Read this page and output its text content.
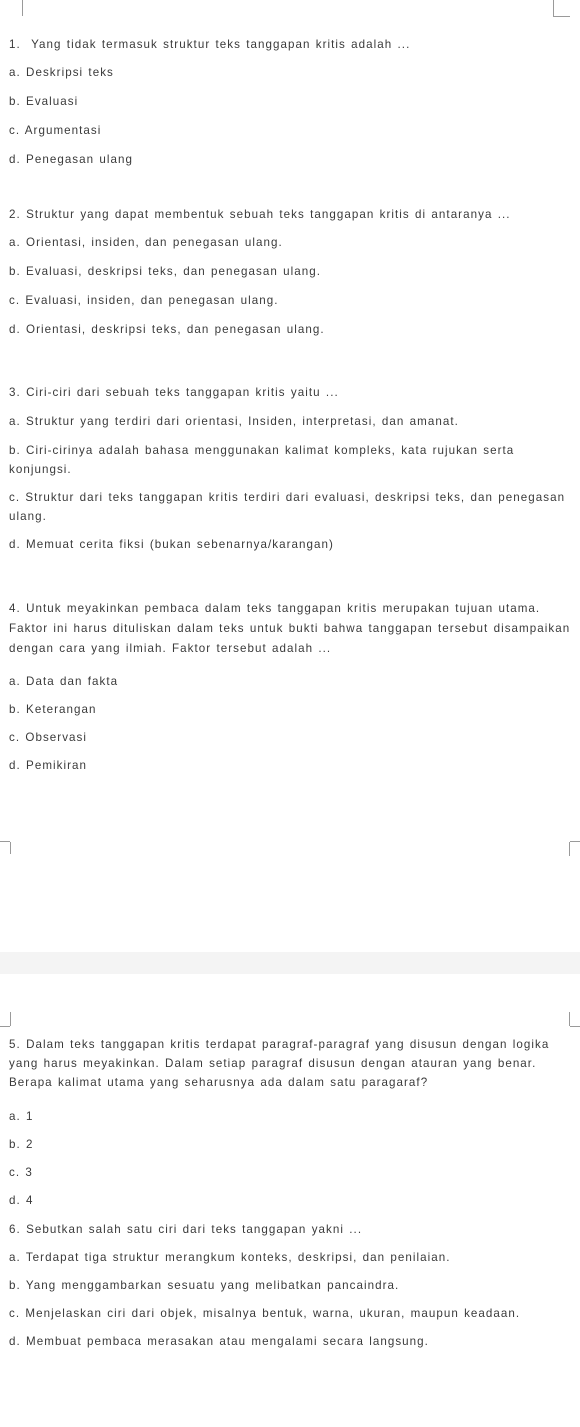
1. Yang tidak termasuk struktur teks tanggapan kritis adalah ...

a. Deskripsi teks

b. Evaluasi

c. Argumentasi

d. Penegasan ulang

2. Struktur yang dapat membentuk sebuah teks tanggapan kritis di antaranya ...

a. Orientasi, insiden, dan penegasan ulang.

b. Evaluasi, deskripsi teks, dan penegasan ulang.

c. Evaluasi, insiden, dan penegasan ulang.

d. Orientasi, deskripsi teks, dan penegasan ulang.

3. Ciri-ciri dari sebuah teks tanggapan kritis yaitu ...

a. Struktur yang terdiri dari orientasi, Insiden, interpretasi, dan amanat.

b. Ciri-cirinya adalah bahasa menggunakan kalimat kompleks, kata rujukan serta konjungsi.

c. Struktur dari teks tanggapan kritis terdiri dari evaluasi, deskripsi teks, dan penegasan ulang.

d. Memuat cerita fiksi (bukan sebenarnya/karangan)

4. Untuk meyakinkan pembaca dalam teks tanggapan kritis merupakan tujuan utama. Faktor ini harus dituliskan dalam teks untuk bukti bahwa tanggapan tersebut disampaikan dengan cara yang ilmiah. Faktor tersebut adalah ...

a. Data dan fakta

b. Keterangan

c. Observasi

d. Pemikiran

5. Dalam teks tanggapan kritis terdapat paragraf-paragraf yang disusun dengan logika yang harus meyakinkan. Dalam setiap paragraf disusun dengan atauran yang benar. Berapa kalimat utama yang seharusnya ada dalam satu paragaraf?

a. 1

b. 2

c. 3

d. 4

6. Sebutkan salah satu ciri dari teks tanggapan yakni ...

a. Terdapat tiga struktur merangkum konteks, deskripsi, dan penilaian.

b. Yang menggambarkan sesuatu yang melibatkan pancaindra.

c. Menjelaskan ciri dari objek, misalnya bentuk, warna, ukuran, maupun keadaan.

d. Membuat pembaca merasakan atau mengalami secara langsung.
